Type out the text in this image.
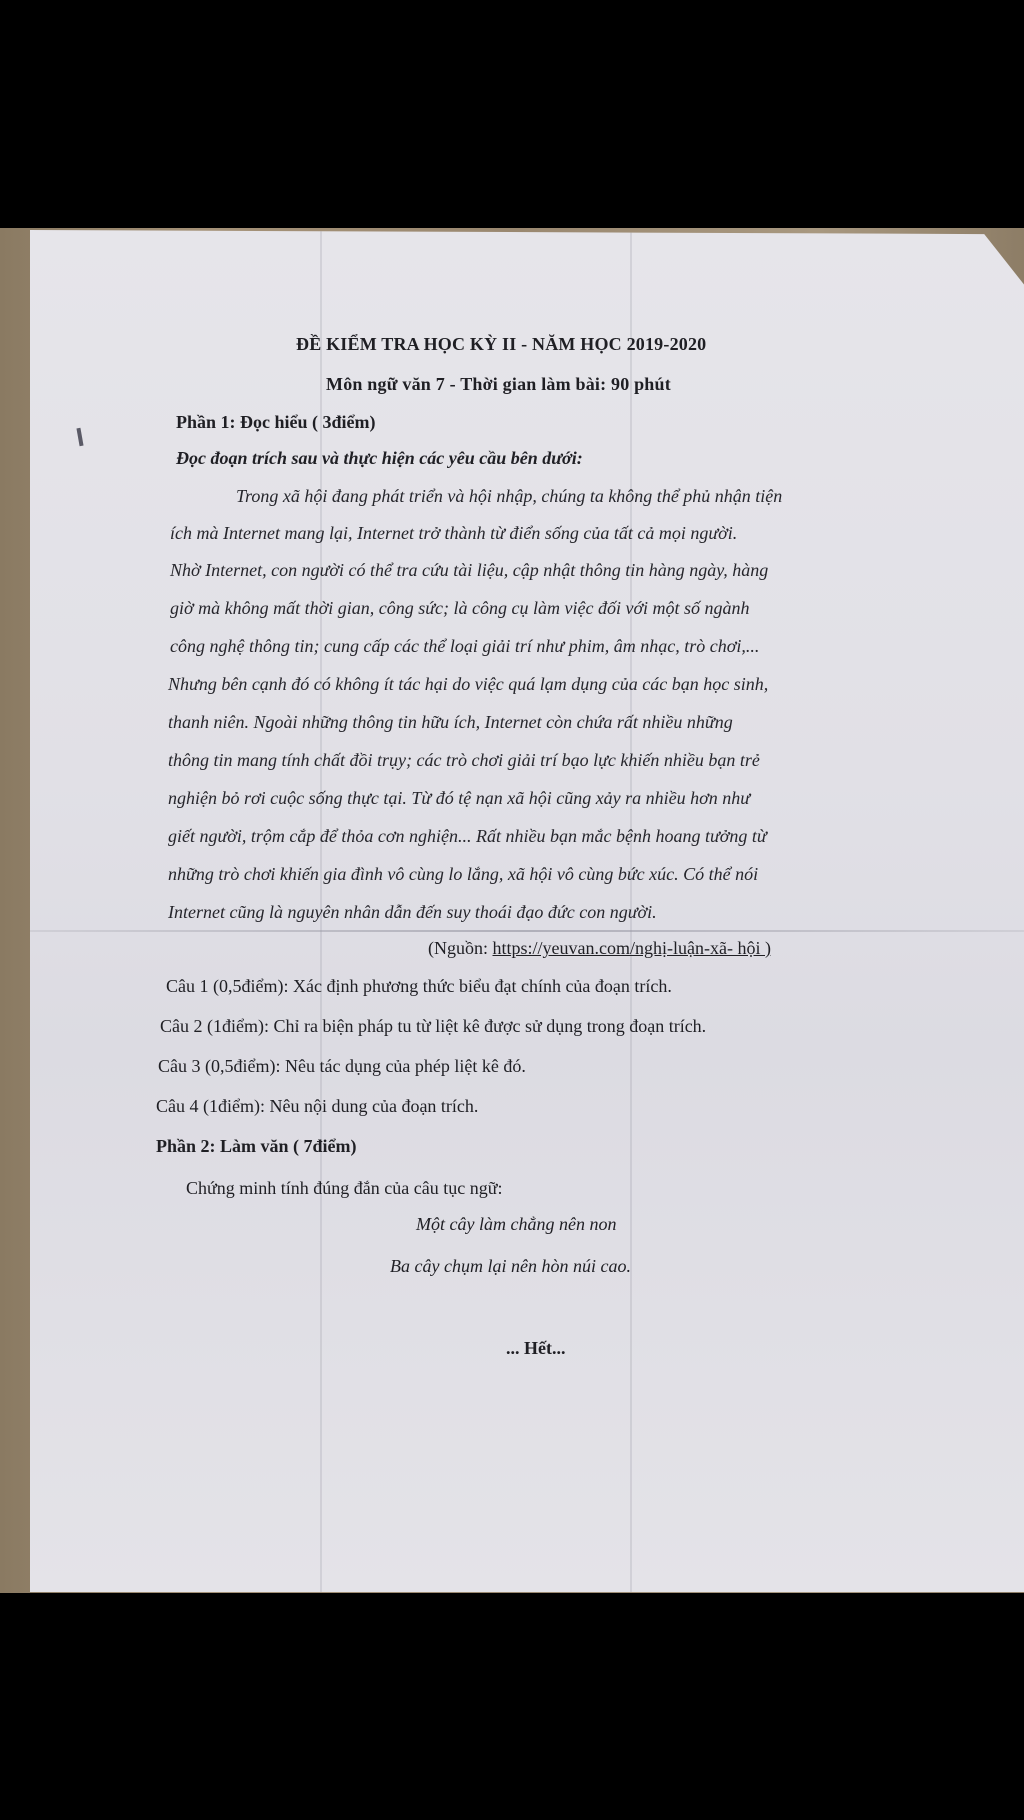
ĐỀ KIỂM TRA HỌC KỲ II - NĂM HỌC 2019-2020

Môn ngữ văn 7 - Thời gian làm bài: 90 phút

Phần 1: Đọc hiểu ( 3điểm)

Đọc đoạn trích sau và thực hiện các yêu cầu bên dưới:

Trong xã hội đang phát triển và hội nhập, chúng ta không thể phủ nhận tiện

ích mà Internet mang lại, Internet trở thành từ điển sống của tất cả mọi người.

Nhờ Internet, con người có thể tra cứu tài liệu, cập nhật thông tin hàng ngày, hàng

giờ mà không mất thời gian, công sức; là công cụ làm việc đối với một số ngành

công nghệ thông tin; cung cấp các thể loại giải trí như phim, âm nhạc, trò chơi,...

Nhưng bên cạnh đó có không ít tác hại do việc quá lạm dụng của các bạn học sinh,

thanh niên. Ngoài những thông tin hữu ích, Internet còn chứa rất nhiều những

thông tin mang tính chất đồi trụy; các trò chơi giải trí bạo lực khiến nhiều bạn trẻ

nghiện bỏ rơi cuộc sống thực tại. Từ đó tệ nạn xã hội cũng xảy ra nhiều hơn như

giết người, trộm cắp để thỏa cơn nghiện... Rất nhiều bạn mắc bệnh hoang tưởng từ

những trò chơi khiến gia đình vô cùng lo lắng, xã hội vô cùng bức xúc. Có thể nói

Internet cũng là nguyên nhân dẫn đến suy thoái đạo đức con người.

(Nguồn: https://yeuvan.com/nghị-luận-xã- hội )

Câu 1 (0,5điểm): Xác định phương thức biểu đạt chính của đoạn trích.

Câu 2 (1điểm): Chỉ ra biện pháp tu từ liệt kê được sử dụng trong đoạn trích.

Câu 3 (0,5điểm): Nêu tác dụng của phép liệt kê đó.

Câu 4 (1điểm): Nêu nội dung của đoạn trích.

Phần 2: Làm văn ( 7điểm)

Chứng minh tính đúng đắn của câu tục ngữ:

Một cây làm chẳng nên non

Ba cây chụm lại nên hòn núi cao.

... Hết...
